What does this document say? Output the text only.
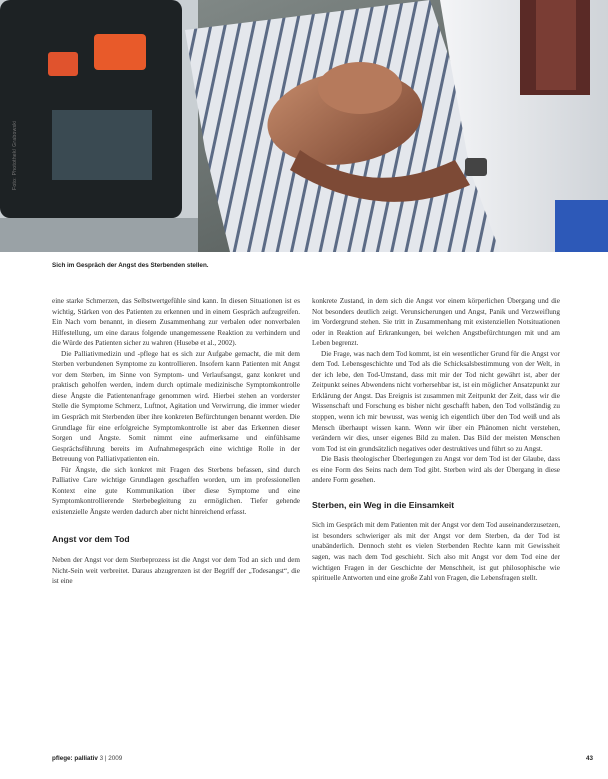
Foto: Photothek/ Grabowski
Sich im Gespräch der Angst des Sterbenden stellen.

eine starke Schmerzen, das Selbstwertgefühle sind kann. In diesen Situationen ist es wichtig, Stärken von des Patienten zu erkennen und in einem Gespräch aufzugreifen. Ein Nach vorn benannt, in diesem Zusammenhang zur verbalen oder nonverbalen Hilfestellung, um eine daraus folgende unangemessene Reaktion zu verhindern und die Würde des Patienten sicher zu wahren (Husebø et al., 2002).

Die Palliativmedizin und -pflege hat es sich zur Aufgabe gemacht, die mit dem Sterben verbundenen Symptome zu kontrollieren. Insofern kann Patienten mit Angst vor dem Sterben, im Sinne von Symptom- und Verlaufsangst, ganz konkret und praktisch geholfen werden, indem durch optimale medizinische Symptomkontrolle diese Ängste die Patientenanfrage genommen wird. Hierbei stehen an vorderster Stelle die Symptome Schmerz, Luftnot, Agitation und Verwirrung, die immer wieder im Gespräch mit Sterbenden über ihre konkreten Befürchtungen benannt werden. Die Grundlage für eine erfolgreiche Symptomkontrolle ist aber das Erkennen dieser Sorgen und Ängste. Somit nimmt eine aufmerksame und einfühlsame Gesprächsführung bereits im Aufnahmegespräch eine wichtige Rolle in der Betreuung von Palliativpatienten ein.

Für Ängste, die sich konkret mit Fragen des Sterbens befassen, sind durch Palliative Care wichtige Grundlagen geschaffen worden, um im professionellen Kontext eine gute Kommunikation über diese Symptome und eine Symptomkontrollierende Sterbebegleitung zu ermöglichen. Tiefer gehende existenzielle Ängste werden dadurch aber nicht hinreichend erfasst.

Angst vor dem Tod

Neben der Angst vor dem Sterbeprozess ist die Angst vor dem Tod an sich und dem Nicht-Sein weit verbreitet. Daraus abzugrenzen ist der Begriff der „Todesangst“, die ist eine

konkrete Zustand, in dem sich die Angst vor einem körperlichen Übergang und die Not besonders deutlich zeigt. Verunsicherungen und Angst, Panik und Verzweiflung im Vordergrund stehen. Sie tritt in Zusammenhang mit existenziellen Notsituationen oder in Reaktion auf Erkrankungen, bei welchen Angstbefürchtungen mit und am Leben begrenzt.

Die Frage, was nach dem Tod kommt, ist ein wesentlicher Grund für die Angst vor dem Tod. Lebensgeschichte und Tod als die Schicksalsbestimmung von der Welt, in der ich lebe, den Tod-Umstand, dass mit mir der Tod nicht gewährt ist, aber der Zeitpunkt seines Abwendens nicht vorhersehbar ist, ist ein möglicher Ansatzpunkt zur Erklärung der Angst. Das Ereignis ist zusammen mit Zeitpunkt der Zeit, dass wir die Wissenschaft und Forschung es bisher nicht geschafft haben, den Tod vollständig zu stoppen, wenn ich mir bewusst, was wenig ich eigentlich über den Tod weiß und als Mensch überhaupt wissen kann. Wenn wir über ein Phänomen nicht verstehen, verändern wir dies, unser eigenes Bild zu malen. Das Bild der meisten Menschen vom Tod ist ein grundsätzlich negatives oder destruktives und führt so zu Angst.

Die Basis theologischer Überlegungen zu Angst vor dem Tod ist der Glaube, dass es eine Form des Seins nach dem Tod gibt. Sterben wird als der Übergang in diese andere Form gesehen.

Sterben, ein Weg in die Einsamkeit

Sich im Gespräch mit dem Patienten mit der Angst vor dem Tod auseinanderzusetzen, ist besonders schwieriger als mit der Angst vor dem Sterben, da der Tod ist unabänderlich. Dennoch steht es vielen Sterbenden Rechte kann mit Gewissheit sagen, was nach dem Tod geschieht. Sich also mit Angst vor dem Tod eine der wichtigen Fragen in der Geschichte der Menschheit, ist gut philosophische wie spirituelle Antworten und eine große Zahl von Fragen, die Lebensfragen stellt.

pflege: palliativ 3 | 2009	43
